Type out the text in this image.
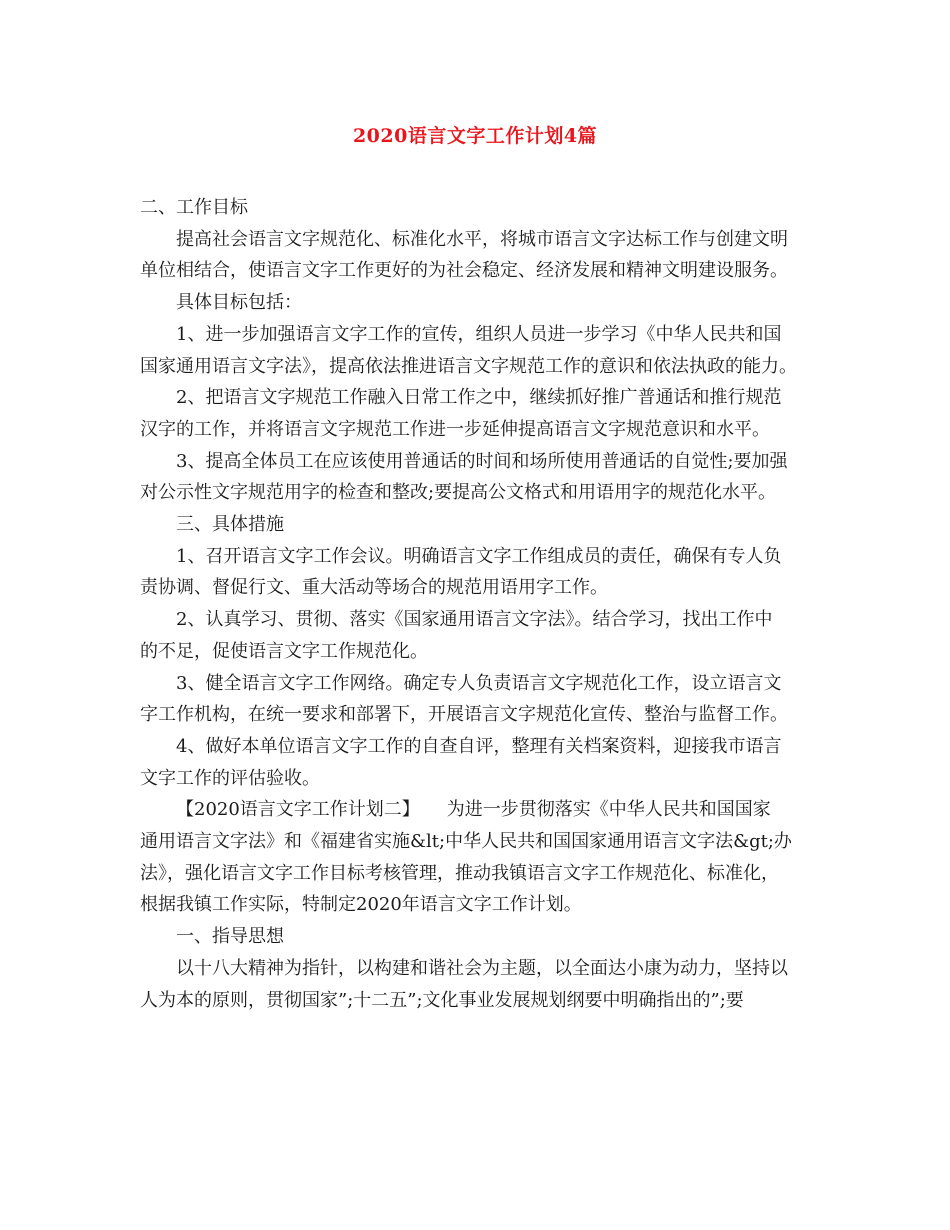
2020语言文字工作计划4篇
二、工作目标
提高社会语言文字规范化、标准化水平，将城市语言文字达标工作与创建文明
单位相结合，使语言文字工作更好的为社会稳定、经济发展和精神文明建设服务。
具体目标包括：
1、进一步加强语言文字工作的宣传，组织人员进一步学习《中华人民共和国
国家通用语言文字法》，提高依法推进语言文字规范工作的意识和依法执政的能力。
2、把语言文字规范工作融入日常工作之中，继续抓好推广普通话和推行规范
汉字的工作，并将语言文字规范工作进一步延伸提高语言文字规范意识和水平。
3、提高全体员工在应该使用普通话的时间和场所使用普通话的自觉性;要加强
对公示性文字规范用字的检查和整改;要提高公文格式和用语用字的规范化水平。
三、具体措施
1、召开语言文字工作会议。明确语言文字工作组成员的责任，确保有专人负
责协调、督促行文、重大活动等场合的规范用语用字工作。
2、认真学习、贯彻、落实《国家通用语言文字法》。结合学习，找出工作中
的不足，促使语言文字工作规范化。
3、健全语言文字工作网络。确定专人负责语言文字规范化工作，设立语言文
字工作机构，在统一要求和部署下，开展语言文字规范化宣传、整治与监督工作。
4、做好本单位语言文字工作的自查自评，整理有关档案资料，迎接我市语言
文字工作的评估验收。
【2020语言文字工作计划二】　　为进一步贯彻落实《中华人民共和国国家
通用语言文字法》和《福建省实施&lt;中华人民共和国国家通用语言文字法&gt;办
法》，强化语言文字工作目标考核管理，推动我镇语言文字工作规范化、标准化，
根据我镇工作实际，特制定2020年语言文字工作计划。
一、指导思想
以十八大精神为指针，以构建和谐社会为主题，以全面达小康为动力，坚持以
人为本的原则，贯彻国家”;十二五”;文化事业发展规划纲要中明确指出的”;要
